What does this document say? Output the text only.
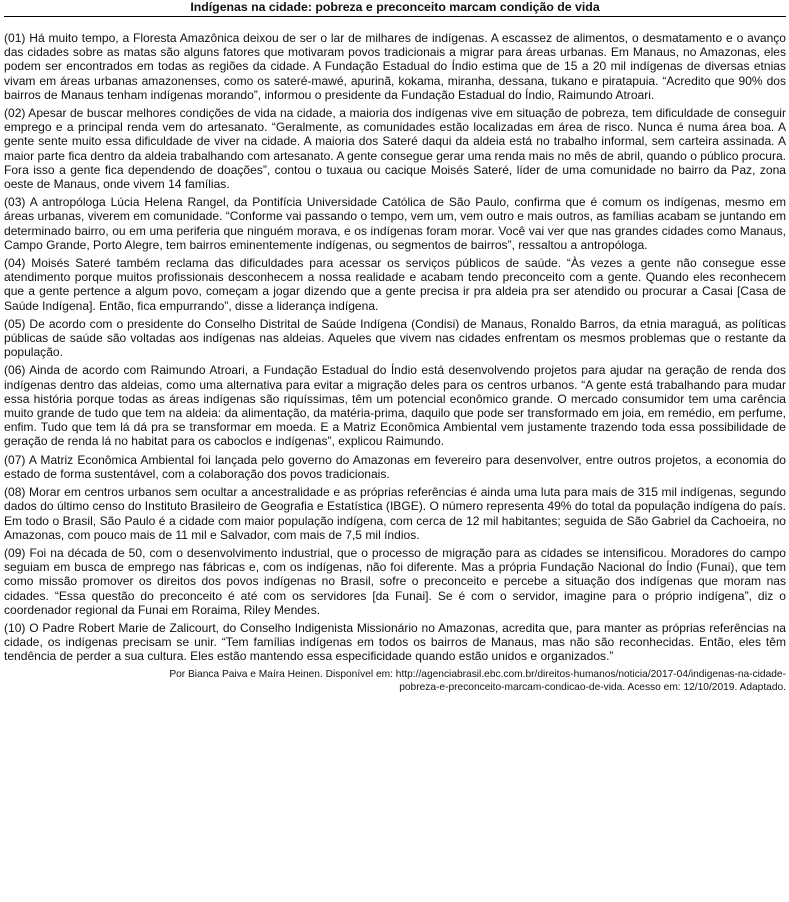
Indígenas na cidade: pobreza e preconceito marcam condição de vida

(01) Há muito tempo, a Floresta Amazônica deixou de ser o lar de milhares de indígenas. A escassez de alimentos, o desmatamento e o avanço das cidades sobre as matas são alguns fatores que motivaram povos tradicionais a migrar para áreas urbanas. Em Manaus, no Amazonas, eles podem ser encontrados em todas as regiões da cidade. A Fundação Estadual do Índio estima que de 15 a 20 mil indígenas de diversas etnias vivam em áreas urbanas amazonenses, como os sateré-mawé, apurinã, kokama, miranha, dessana, tukano e piratapuia. “Acredito que 90% dos bairros de Manaus tenham indígenas morando”, informou o presidente da Fundação Estadual do Índio, Raimundo Atroari.

(02) Apesar de buscar melhores condições de vida na cidade, a maioria dos indígenas vive em situação de pobreza, tem dificuldade de conseguir emprego e a principal renda vem do artesanato. “Geralmente, as comunidades estão localizadas em área de risco. Nunca é numa área boa. A gente sente muito essa dificuldade de viver na cidade. A maioria dos Sateré daqui da aldeia está no trabalho informal, sem carteira assinada. A maior parte fica dentro da aldeia trabalhando com artesanato. A gente consegue gerar uma renda mais no mês de abril, quando o público procura. Fora isso a gente fica dependendo de doações”, contou o tuxaua ou cacique Moisés Sateré, líder de uma comunidade no bairro da Paz, zona oeste de Manaus, onde vivem 14 famílias.

(03) A antropóloga Lúcia Helena Rangel, da Pontifícia Universidade Católica de São Paulo, confirma que é comum os indígenas, mesmo em áreas urbanas, viverem em comunidade. “Conforme vai passando o tempo, vem um, vem outro e mais outros, as famílias acabam se juntando em determinado bairro, ou em uma periferia que ninguém morava, e os indígenas foram morar. Você vai ver que nas grandes cidades como Manaus, Campo Grande, Porto Alegre, tem bairros eminentemente indígenas, ou segmentos de bairros”, ressaltou a antropóloga.

(04) Moisés Sateré também reclama das dificuldades para acessar os serviços públicos de saúde. “Às vezes a gente não consegue esse atendimento porque muitos profissionais desconhecem a nossa realidade e acabam tendo preconceito com a gente. Quando eles reconhecem que a gente pertence a algum povo, começam a jogar dizendo que a gente precisa ir pra aldeia pra ser atendido ou procurar a Casai [Casa de Saúde Indígena]. Então, fica empurrando”, disse a liderança indígena.

(05) De acordo com o presidente do Conselho Distrital de Saúde Indígena (Condisi) de Manaus, Ronaldo Barros, da etnia maraguá, as políticas públicas de saúde são voltadas aos indígenas nas aldeias. Aqueles que vivem nas cidades enfrentam os mesmos problemas que o restante da população.

(06) Ainda de acordo com Raimundo Atroari, a Fundação Estadual do Índio está desenvolvendo projetos para ajudar na geração de renda dos indígenas dentro das aldeias, como uma alternativa para evitar a migração deles para os centros urbanos. “A gente está trabalhando para mudar essa história porque todas as áreas indígenas são riquíssimas, têm um potencial econômico grande. O mercado consumidor tem uma carência muito grande de tudo que tem na aldeia: da alimentação, da matéria-prima, daquilo que pode ser transformado em joia, em remédio, em perfume, enfim. Tudo que tem lá dá pra se transformar em moeda. E a Matriz Econômica Ambiental vem justamente trazendo toda essa possibilidade de geração de renda lá no habitat para os caboclos e indígenas”, explicou Raimundo.

(07) A Matriz Econômica Ambiental foi lançada pelo governo do Amazonas em fevereiro para desenvolver, entre outros projetos, a economia do estado de forma sustentável, com a colaboração dos povos tradicionais.

(08) Morar em centros urbanos sem ocultar a ancestralidade e as próprias referências é ainda uma luta para mais de 315 mil indígenas, segundo dados do último censo do Instituto Brasileiro de Geografia e Estatística (IBGE). O número representa 49% do total da população indígena do país. Em todo o Brasil, São Paulo é a cidade com maior população indígena, com cerca de 12 mil habitantes; seguida de São Gabriel da Cachoeira, no Amazonas, com pouco mais de 11 mil e Salvador, com mais de 7,5 mil índios.

(09) Foi na década de 50, com o desenvolvimento industrial, que o processo de migração para as cidades se intensificou. Moradores do campo seguiam em busca de emprego nas fábricas e, com os indígenas, não foi diferente. Mas a própria Fundação Nacional do Índio (Funai), que tem como missão promover os direitos dos povos indígenas no Brasil, sofre o preconceito e percebe a situação dos indígenas que moram nas cidades. “Essa questão do preconceito é até com os servidores [da Funai]. Se é com o servidor, imagine para o próprio indígena”, diz o coordenador regional da Funai em Roraima, Riley Mendes.

(10) O Padre Robert Marie de Zalicourt, do Conselho Indigenista Missionário no Amazonas, acredita que, para manter as próprias referências na cidade, os indígenas precisam se unir. “Tem famílias indígenas em todos os bairros de Manaus, mas não são reconhecidas. Então, eles têm tendência de perder a sua cultura. Eles estão mantendo essa especificidade quando estão unidos e organizados.”

Por Bianca Paiva e Maíra Heinen. Disponível em: http://agenciabrasil.ebc.com.br/direitos-humanos/noticia/2017-04/indigenas-na-cidade-
pobreza-e-preconceito-marcam-condicao-de-vida. Acesso em: 12/10/2019. Adaptado.
